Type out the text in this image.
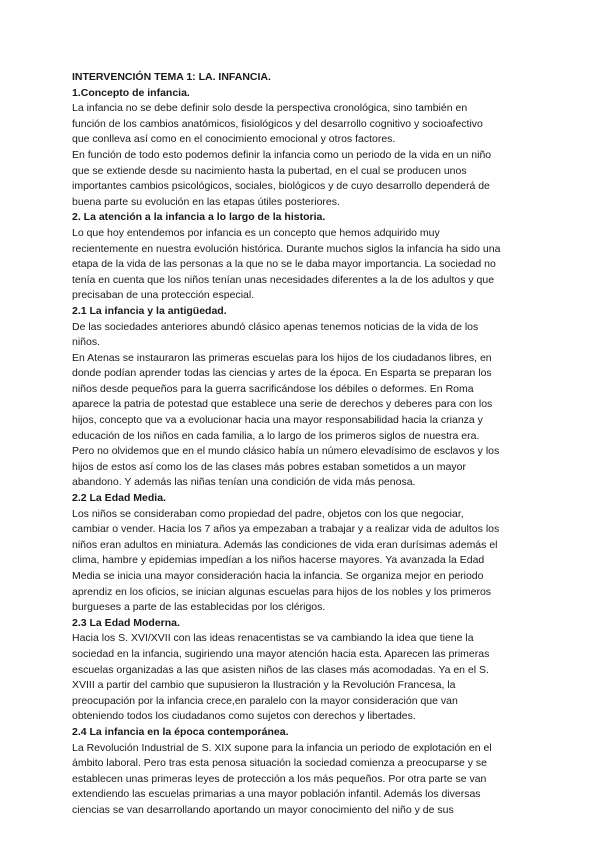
INTERVENCIÓN TEMA 1: LA. INFANCIA.
1.Concepto de infancia.
La infancia no se debe definir solo desde la perspectiva cronológica, sino también en
función de los cambios anatómicos, fisiológicos y del desarrollo cognitivo y socioafectivo
que conlleva así como en el conocimiento emocional y otros factores.
En función de todo esto podemos definir la infancia como un periodo de la vida en un niño
que se extiende desde su nacimiento hasta la pubertad, en el cual se producen unos
importantes cambios psicológicos, sociales, biológicos y de cuyo desarrollo dependerá de
buena parte su evolución en las etapas útiles posteriores.
2. La atención a la infancia a lo largo de la historia.
Lo que hoy entendemos por infancia es un concepto que hemos adquirido muy
recientemente en nuestra evolución histórica. Durante muchos siglos la infancia ha sido una
etapa de la vida de las personas a la que no se le daba mayor importancia. La sociedad no
tenía en cuenta que los niños tenían unas necesidades diferentes a la de los adultos y que
precisaban de una protección especial.
2.1 La infancia y la antigüedad.
De las sociedades anteriores abundó clásico apenas tenemos noticias de la vida de los
niños.
En Atenas se instauraron las primeras escuelas para los hijos de los ciudadanos libres, en
donde podían aprender todas las ciencias y artes de la época. En Esparta se preparan los
niños desde pequeños para la guerra sacrificándose los débiles o deformes. En Roma
aparece la patria de potestad que establece una serie de derechos y deberes para con los
hijos, concepto que va a evolucionar hacia una mayor responsabilidad hacia la crianza y
educación de los niños en cada familia, a lo largo de los primeros siglos de nuestra era.
Pero no olvidemos que en el mundo clásico había un número elevadísimo de esclavos y los
hijos de estos así como los de las clases más pobres estaban sometidos a un mayor
abandono. Y además las niñas tenían una condición de vida más penosa.
2.2 La Edad Media.
Los niños se consideraban como propiedad del padre, objetos con los que negociar,
cambiar o vender. Hacia los 7 años ya empezaban a trabajar y a realizar vida de adultos los
niños eran adultos en miniatura. Además las condiciones de vida eran durísimas además el
clima, hambre y epidemias impedían a los niños hacerse mayores. Ya avanzada la Edad
Media se inicia una mayor consideración hacia la infancia. Se organiza mejor en periodo
aprendiz en los oficios, se inician algunas escuelas para hijos de los nobles y los primeros
burgueses a parte de las establecidas por los clérigos.
2.3 La Edad Moderna.
Hacia los S. XVI/XVII con las ideas renacentistas se va cambiando la idea que tiene la
sociedad en la infancia, sugiriendo una mayor atención hacia esta. Aparecen las primeras
escuelas organizadas a las que asisten niños de las clases más acomodadas. Ya en el S.
XVIII a partir del cambio que supusieron la Ilustración y la Revolución Francesa, la
preocupación por la infancia crece,en paralelo con la mayor consideración que van
obteniendo todos los ciudadanos como sujetos con derechos y libertades.
2.4 La infancia en la época contemporánea.
La Revolución Industrial de S. XIX supone para la infancia un periodo de explotación en el
ámbito laboral. Pero tras esta penosa situación la sociedad comienza a preocuparse y se
establecen unas primeras leyes de protección a los más pequeños. Por otra parte se van
extendiendo las escuelas primarias a una mayor población infantil. Además los diversas
ciencias se van desarrollando aportando un mayor conocimiento del niño y de sus
